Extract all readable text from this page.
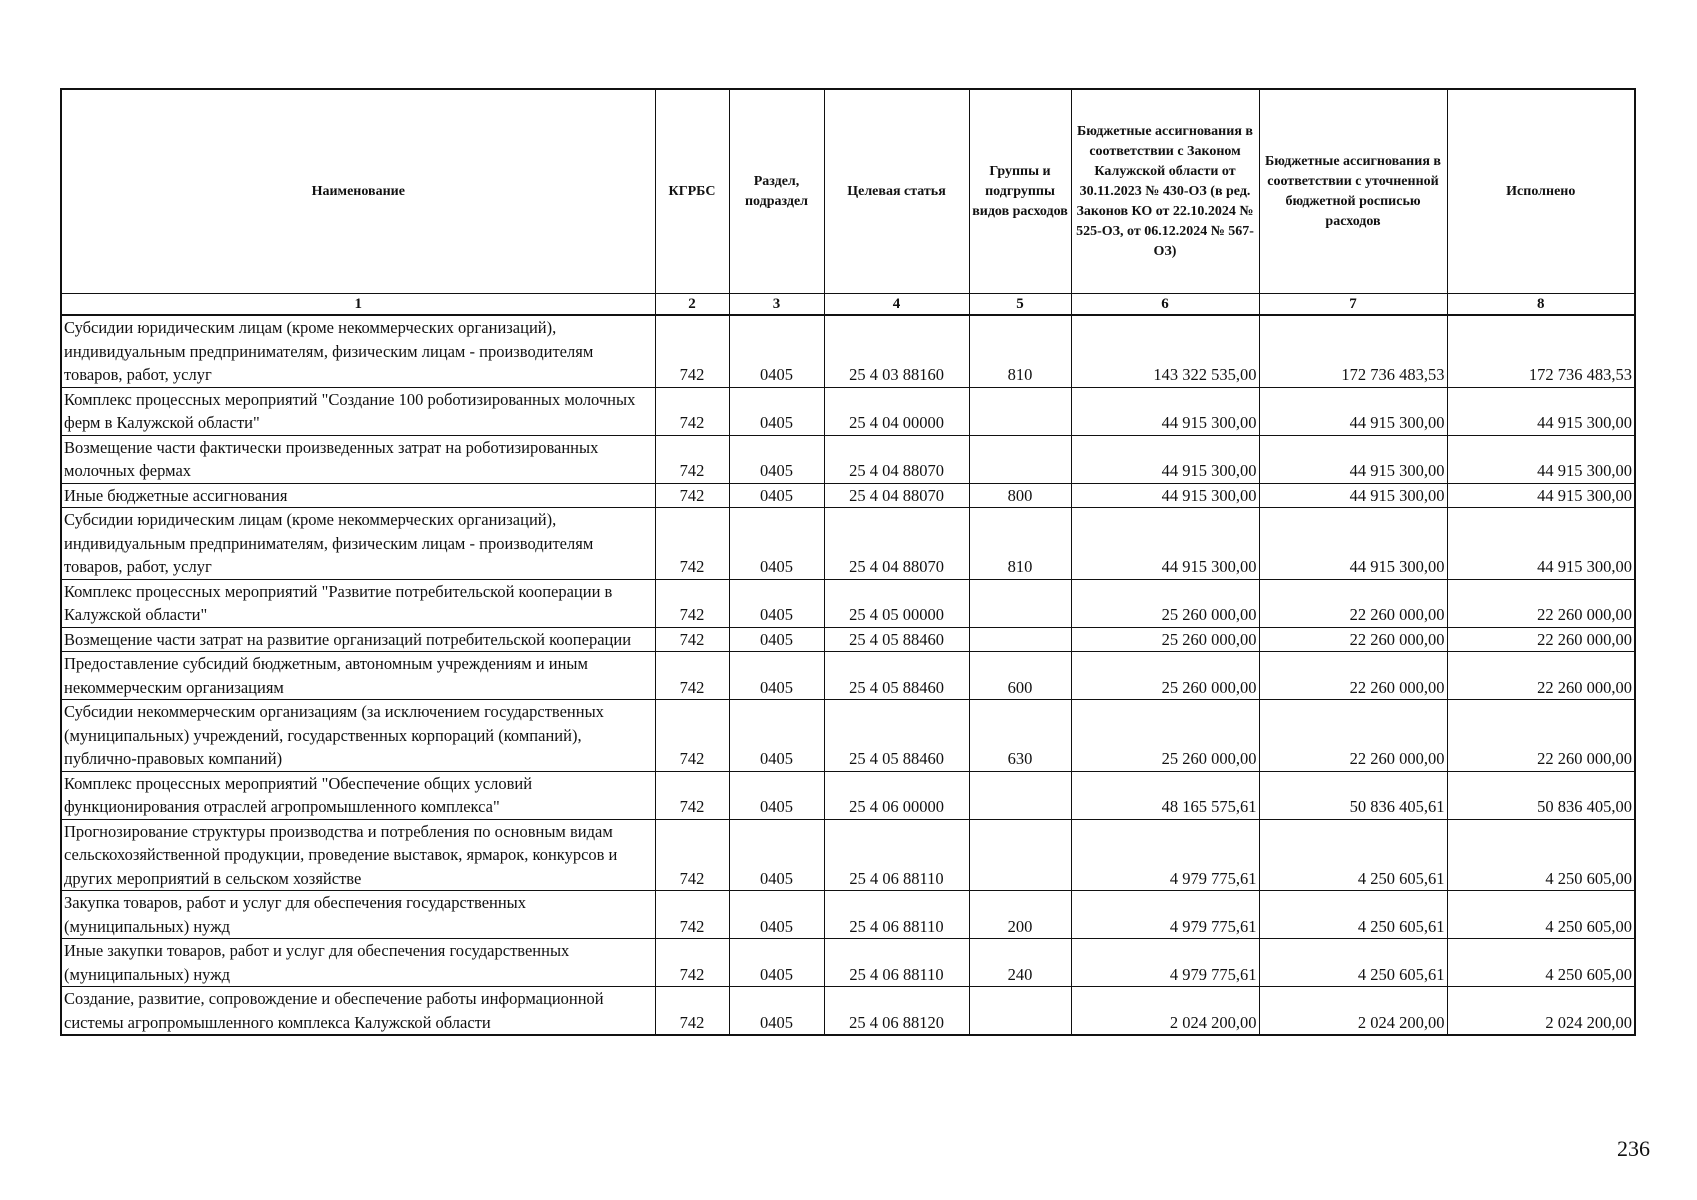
Наименование	КГРБС	Раздел, подраздел	Целевая статья	Группы и подгруппы видов расходов	Бюджетные ассигнования в соответствии с Законом Калужской области от 30.11.2023 № 430-ОЗ (в ред. Законов КО от 22.10.2024 № 525-ОЗ, от 06.12.2024 № 567-ОЗ)	Бюджетные ассигнования в соответствии с уточненной бюджетной росписью расходов	Исполнено
1	2	3	4	5	6	7	8
Субсидии юридическим лицам (кроме некоммерческих организаций), индивидуальным предпринимателям, физическим лицам - производителям товаров, работ, услуг	742	0405	25 4 03 88160	810	143 322 535,00	172 736 483,53	172 736 483,53
Комплекс процессных мероприятий "Создание 100 роботизированных молочных ферм в Калужской области"	742	0405	25 4 04 00000		44 915 300,00	44 915 300,00	44 915 300,00
Возмещение части фактически произведенных затрат на роботизированных молочных фермах	742	0405	25 4 04 88070		44 915 300,00	44 915 300,00	44 915 300,00
Иные бюджетные ассигнования	742	0405	25 4 04 88070	800	44 915 300,00	44 915 300,00	44 915 300,00
Субсидии юридическим лицам (кроме некоммерческих организаций), индивидуальным предпринимателям, физическим лицам - производителям товаров, работ, услуг	742	0405	25 4 04 88070	810	44 915 300,00	44 915 300,00	44 915 300,00
Комплекс процессных мероприятий "Развитие потребительской кооперации в Калужской области"	742	0405	25 4 05 00000		25 260 000,00	22 260 000,00	22 260 000,00
Возмещение части затрат на развитие организаций потребительской кооперации	742	0405	25 4 05 88460		25 260 000,00	22 260 000,00	22 260 000,00
Предоставление субсидий бюджетным, автономным учреждениям и иным некоммерческим организациям	742	0405	25 4 05 88460	600	25 260 000,00	22 260 000,00	22 260 000,00
Субсидии некоммерческим организациям (за исключением государственных (муниципальных) учреждений, государственных корпораций (компаний), публично-правовых компаний)	742	0405	25 4 05 88460	630	25 260 000,00	22 260 000,00	22 260 000,00
Комплекс процессных мероприятий "Обеспечение общих условий функционирования отраслей агропромышленного комплекса"	742	0405	25 4 06 00000		48 165 575,61	50 836 405,61	50 836 405,00
Прогнозирование структуры производства и потребления по основным видам сельскохозяйственной продукции, проведение выставок, ярмарок, конкурсов и других мероприятий в сельском хозяйстве	742	0405	25 4 06 88110		4 979 775,61	4 250 605,61	4 250 605,00
Закупка товаров, работ и услуг для обеспечения государственных (муниципальных) нужд	742	0405	25 4 06 88110	200	4 979 775,61	4 250 605,61	4 250 605,00
Иные закупки товаров, работ и услуг для обеспечения государственных (муниципальных) нужд	742	0405	25 4 06 88110	240	4 979 775,61	4 250 605,61	4 250 605,00
Создание, развитие, сопровождение и обеспечение работы информационной системы агропромышленного комплекса Калужской области	742	0405	25 4 06 88120		2 024 200,00	2 024 200,00	2 024 200,00
236
